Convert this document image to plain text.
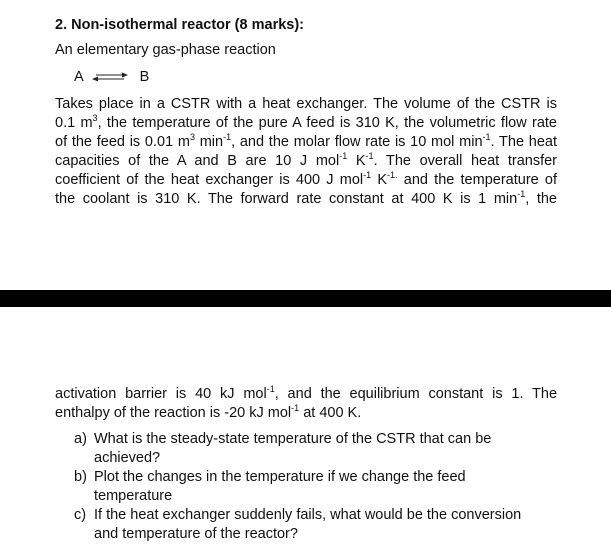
2. Non-isothermal reactor (8 marks):
An elementary gas-phase reaction
A ⇌ B
Takes place in a CSTR with a heat exchanger. The volume of the CSTR is
0.1 $m^3$, the temperature of the pure A feed is 310 K, the volumetric flow rate
of the feed is 0.01 $m^3$ $\min^{-1}$, and the molar flow rate is 10 mol $\min^{-1}$. The heat
capacities of the A and B are 10 J mol$^{-1}$ $K^{-1}$. The overall heat transfer
coefficient of the heat exchanger is 400 J mol$^{-1}$ $K^{-1.}$ and the temperature of
the coolant is 310 K. The forward rate constant at 400 K is 1 $\min^{-1}$, the
activation barrier is 40 kJ mol$^{-1}$, and the equilibrium constant is 1. The
enthalpy of the reaction is -20 kJ mol$^{-1}$ at 400 K.
a) What is the steady-state temperature of the CSTR that can be
achieved?
b) Plot the changes in the temperature if we change the feed
temperature
c) If the heat exchanger suddenly fails, what would be the conversion
and temperature of the reactor?
